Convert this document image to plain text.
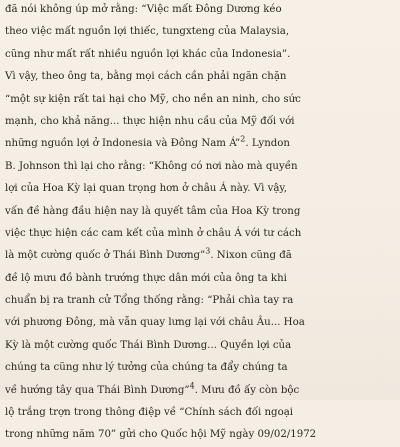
đã nói không úp mở rằng: “Việc mất Đông Dương kéo
theo việc mất nguồn lợi thiếc, tungxteng của Malaysia,
cũng như mất rất nhiều nguồn lợi khác của Indonesia”.
Vì vậy, theo ông ta, bằng mọi cách cần phải ngăn chặn
“một sự kiện rất tai hại cho Mỹ, cho nền an ninh, cho sức
mạnh, cho khả năng... thực hiện nhu cầu của Mỹ đối với
những nguồn lợi ở Indonesia và Đông Nam Á”$^2$. Lyndon
B. Johnson thì lại cho rằng: “Không có nơi nào mà quyền
lợi của Hoa Kỳ lại quan trọng hơn ở châu Á này. Vì vậy,
vấn đề hàng đầu hiện nay là quyết tâm của Hoa Kỳ trong
việc thực hiện các cam kết của mình ở châu Á với tư cách
là một cường quốc ở Thái Bình Dương”$^3$. Nixon cũng đã
đề lộ mưu đồ bành trướng thực dân mới của ông ta khi
chuẩn bị ra tranh cử Tổng thống rằng: “Phải chìa tay ra
với phương Đông, mà vẫn quay lưng lại với châu Âu... Hoa
Kỳ là một cường quốc Thái Bình Dương... Quyền lợi của
chúng ta cũng như lý tưởng của chúng ta đẩy chúng ta
về hướng tây qua Thái Bình Dương”$^4$. Mưu đồ ấy còn bộc
lộ trắng trợn trong thông điệp về “Chính sách đối ngoại
trong những năm 70” gửi cho Quốc hội Mỹ ngày 09/02/1972
